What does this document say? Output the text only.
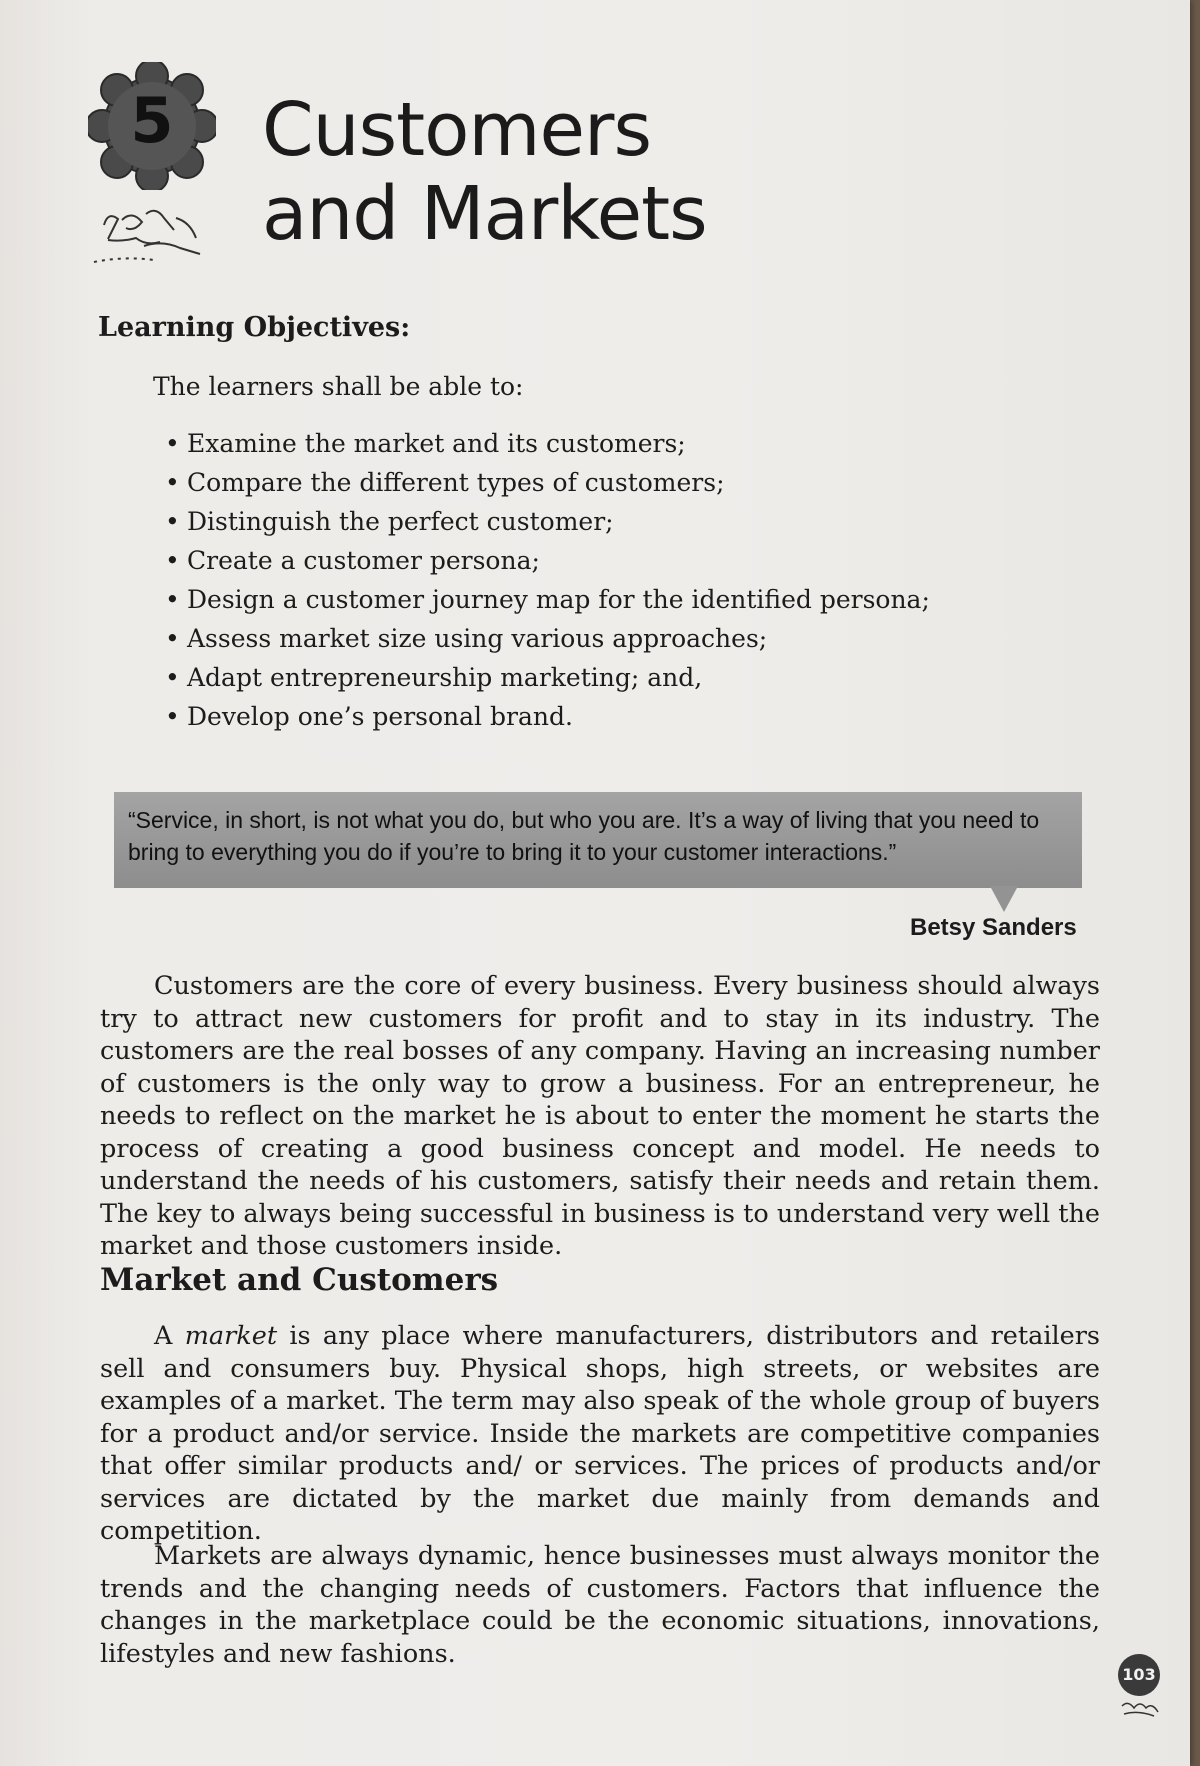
5	Customers
and Markets
Learning Objectives:
The learners shall be able to:
• Examine the market and its customers;
• Compare the different types of customers;
• Distinguish the perfect customer;
• Create a customer persona;
• Design a customer journey map for the identified persona;
• Assess market size using various approaches;
• Adapt entrepreneurship marketing; and,
• Develop one’s personal brand.
“Service, in short, is not what you do, but who you are. It’s a way of living that you need to bring to everything you do if you’re to bring it to your customer interactions.”
Betsy Sanders

Customers are the core of every business. Every business should always try to attract new customers for profit and to stay in its industry. The customers are the real bosses of any company. Having an increasing number of customers is the only way to grow a business. For an entrepreneur, he needs to reflect on the market he is about to enter the moment he starts the process of creating a good business concept and model. He needs to understand the needs of his customers, satisfy their needs and retain them. The key to always being successful in business is to understand very well the market and those customers inside.

Market and Customers

A market is any place where manufacturers, distributors and retailers sell and consumers buy. Physical shops, high streets, or websites are examples of a market. The term may also speak of the whole group of buyers for a product and/or service. Inside the markets are competitive companies that offer similar products and/ or services. The prices of products and/or services are dictated by the market due mainly from demands and competition.

Markets are always dynamic, hence businesses must always monitor the trends and the changing needs of customers. Factors that influence the changes in the marketplace could be the economic situations, innovations, lifestyles and new fashions.

103
